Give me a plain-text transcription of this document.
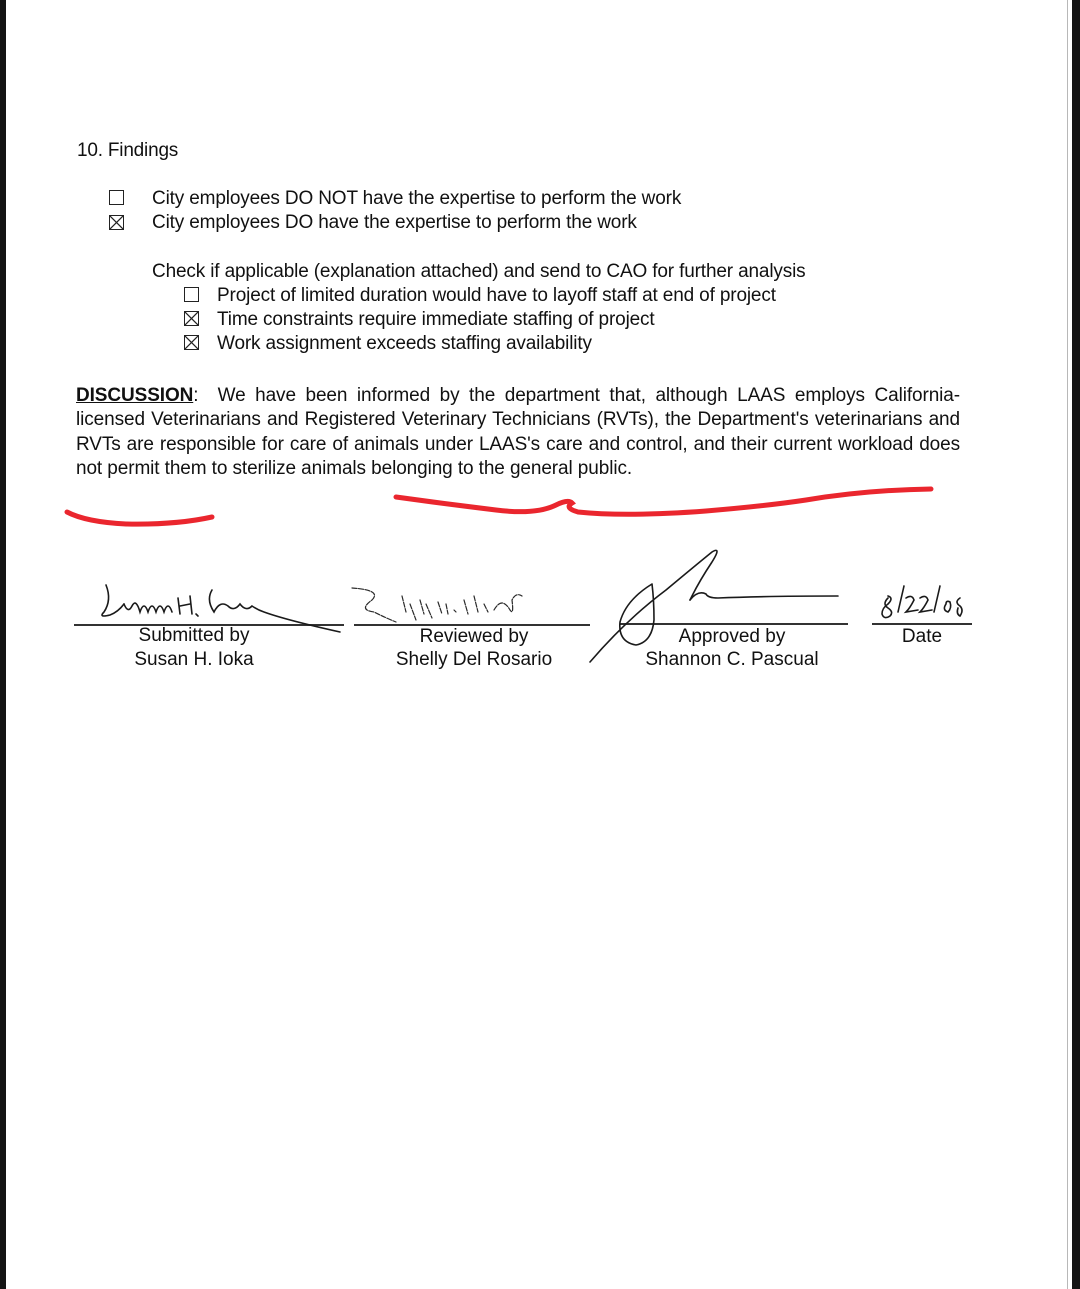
10. Findings
City employees DO NOT have the expertise to perform the work
City employees DO have the expertise to perform the work
Check if applicable (explanation attached) and send to CAO for further analysis
Project of limited duration would have to layoff staff at end of project
Time constraints require immediate staffing of project
Work assignment exceeds staffing availability
DISCUSSION: We have been informed by the department that, although LAAS employs California-licensed Veterinarians and Registered Veterinary Technicians (RVTs), the Department's veterinarians and RVTs are responsible for care of animals under LAAS's care and control, and their current workload does not permit them to sterilize animals belonging to the general public.
Submitted by
Susan H. Ioka
Reviewed by
Shelly Del Rosario
Approved by
Shannon C. Pascual
Date
